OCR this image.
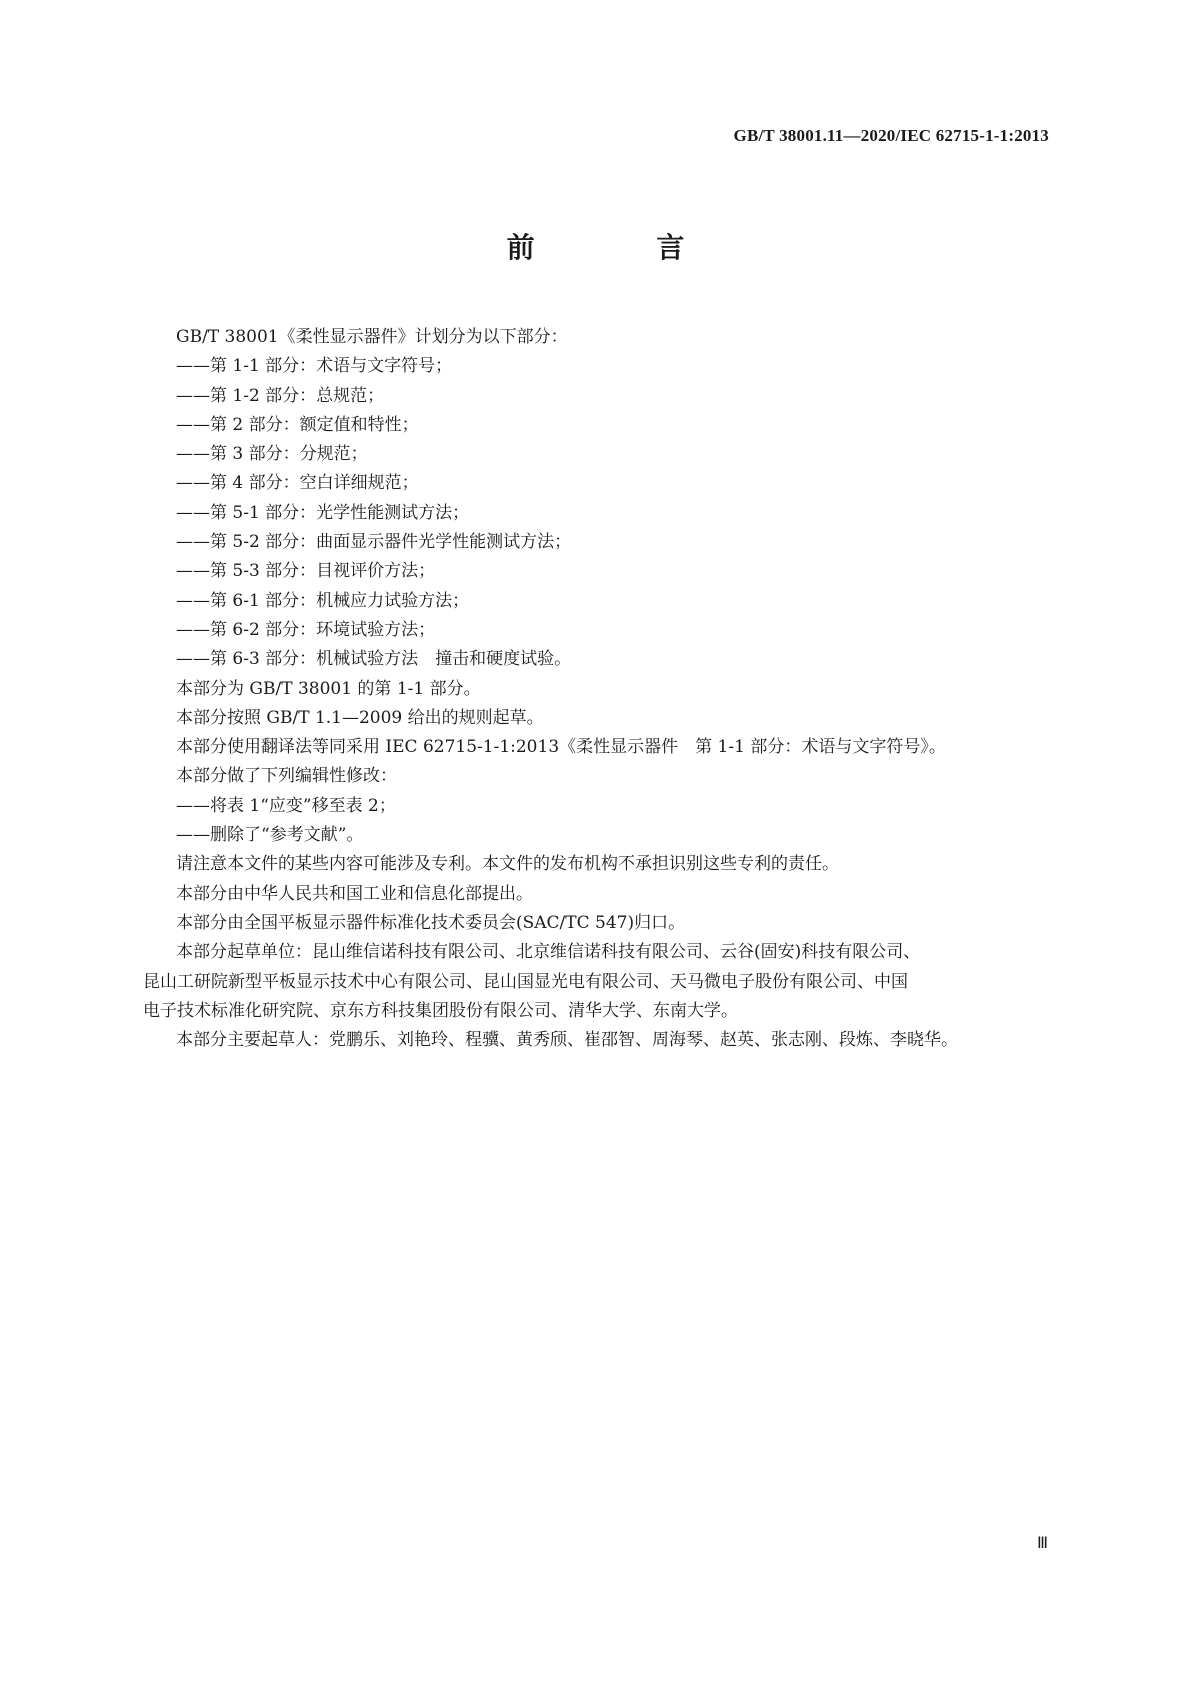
GB/T 38001.11—2020/IEC 62715-1-1:2013
前 言
GB/T 38001《柔性显示器件》计划分为以下部分：
——第 1-1 部分：术语与文字符号；
——第 1-2 部分：总规范；
——第 2 部分：额定值和特性；
——第 3 部分：分规范；
——第 4 部分：空白详细规范；
——第 5-1 部分：光学性能测试方法；
——第 5-2 部分：曲面显示器件光学性能测试方法；
——第 5-3 部分：目视评价方法；
——第 6-1 部分：机械应力试验方法；
——第 6-2 部分：环境试验方法；
——第 6-3 部分：机械试验方法　撞击和硬度试验。
本部分为 GB/T 38001 的第 1-1 部分。
本部分按照 GB/T 1.1—2009 给出的规则起草。
本部分使用翻译法等同采用 IEC 62715-1-1:2013《柔性显示器件　第 1-1 部分：术语与文字符号》。
本部分做了下列编辑性修改：
——将表 1“应变”移至表 2；
——删除了“参考文献”。
请注意本文件的某些内容可能涉及专利。本文件的发布机构不承担识别这些专利的责任。
本部分由中华人民共和国工业和信息化部提出。
本部分由全国平板显示器件标准化技术委员会(SAC/TC 547)归口。
本部分起草单位：昆山维信诺科技有限公司、北京维信诺科技有限公司、云谷(固安)科技有限公司、
昆山工研院新型平板显示技术中心有限公司、昆山国显光电有限公司、天马微电子股份有限公司、中国
电子技术标准化研究院、京东方科技集团股份有限公司、清华大学、东南大学。
本部分主要起草人：党鹏乐、刘艳玲、程骥、黄秀颀、崔邵智、周海琴、赵英、张志刚、段炼、李晓华。
Ⅲ
